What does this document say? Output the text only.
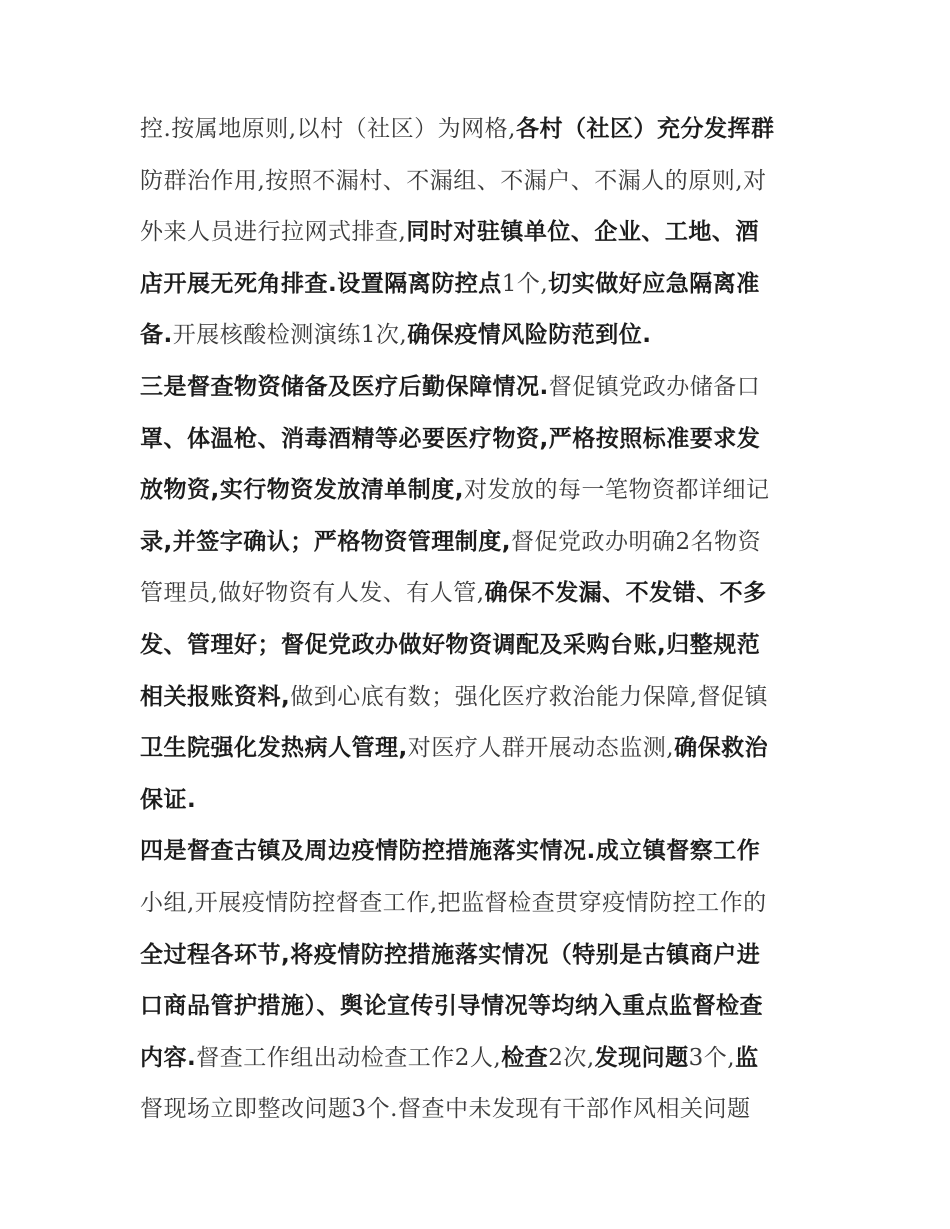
控.按属地原则,以村（社区）为网格,各村（社区）充分发挥群
防群治作用,按照不漏村、不漏组、不漏户、不漏人的原则,对
外来人员进行拉网式排查,同时对驻镇单位、企业、工地、酒
店开展无死角排查.设置隔离防控点1个,切实做好应急隔离准
备.开展核酸检测演练1次,确保疫情风险防范到位.
三是督查物资储备及医疗后勤保障情况.督促镇党政办储备口
罩、体温枪、消毒酒精等必要医疗物资,严格按照标准要求发
放物资,实行物资发放清单制度,对发放的每一笔物资都详细记
录,并签字确认；严格物资管理制度,督促党政办明确2名物资
管理员,做好物资有人发、有人管,确保不发漏、不发错、不多
发、管理好；督促党政办做好物资调配及采购台账,归整规范
相关报账资料,做到心底有数；强化医疗救治能力保障,督促镇
卫生院强化发热病人管理,对医疗人群开展动态监测,确保救治
保证.
四是督查古镇及周边疫情防控措施落实情况.成立镇督察工作
小组,开展疫情防控督查工作,把监督检查贯穿疫情防控工作的
全过程各环节,将疫情防控措施落实情况（特别是古镇商户进
口商品管护措施）、舆论宣传引导情况等均纳入重点监督检查
内容.督查工作组出动检查工作2人,检查2次,发现问题3个,监
督现场立即整改问题3个.督查中未发现有干部作风相关问题
